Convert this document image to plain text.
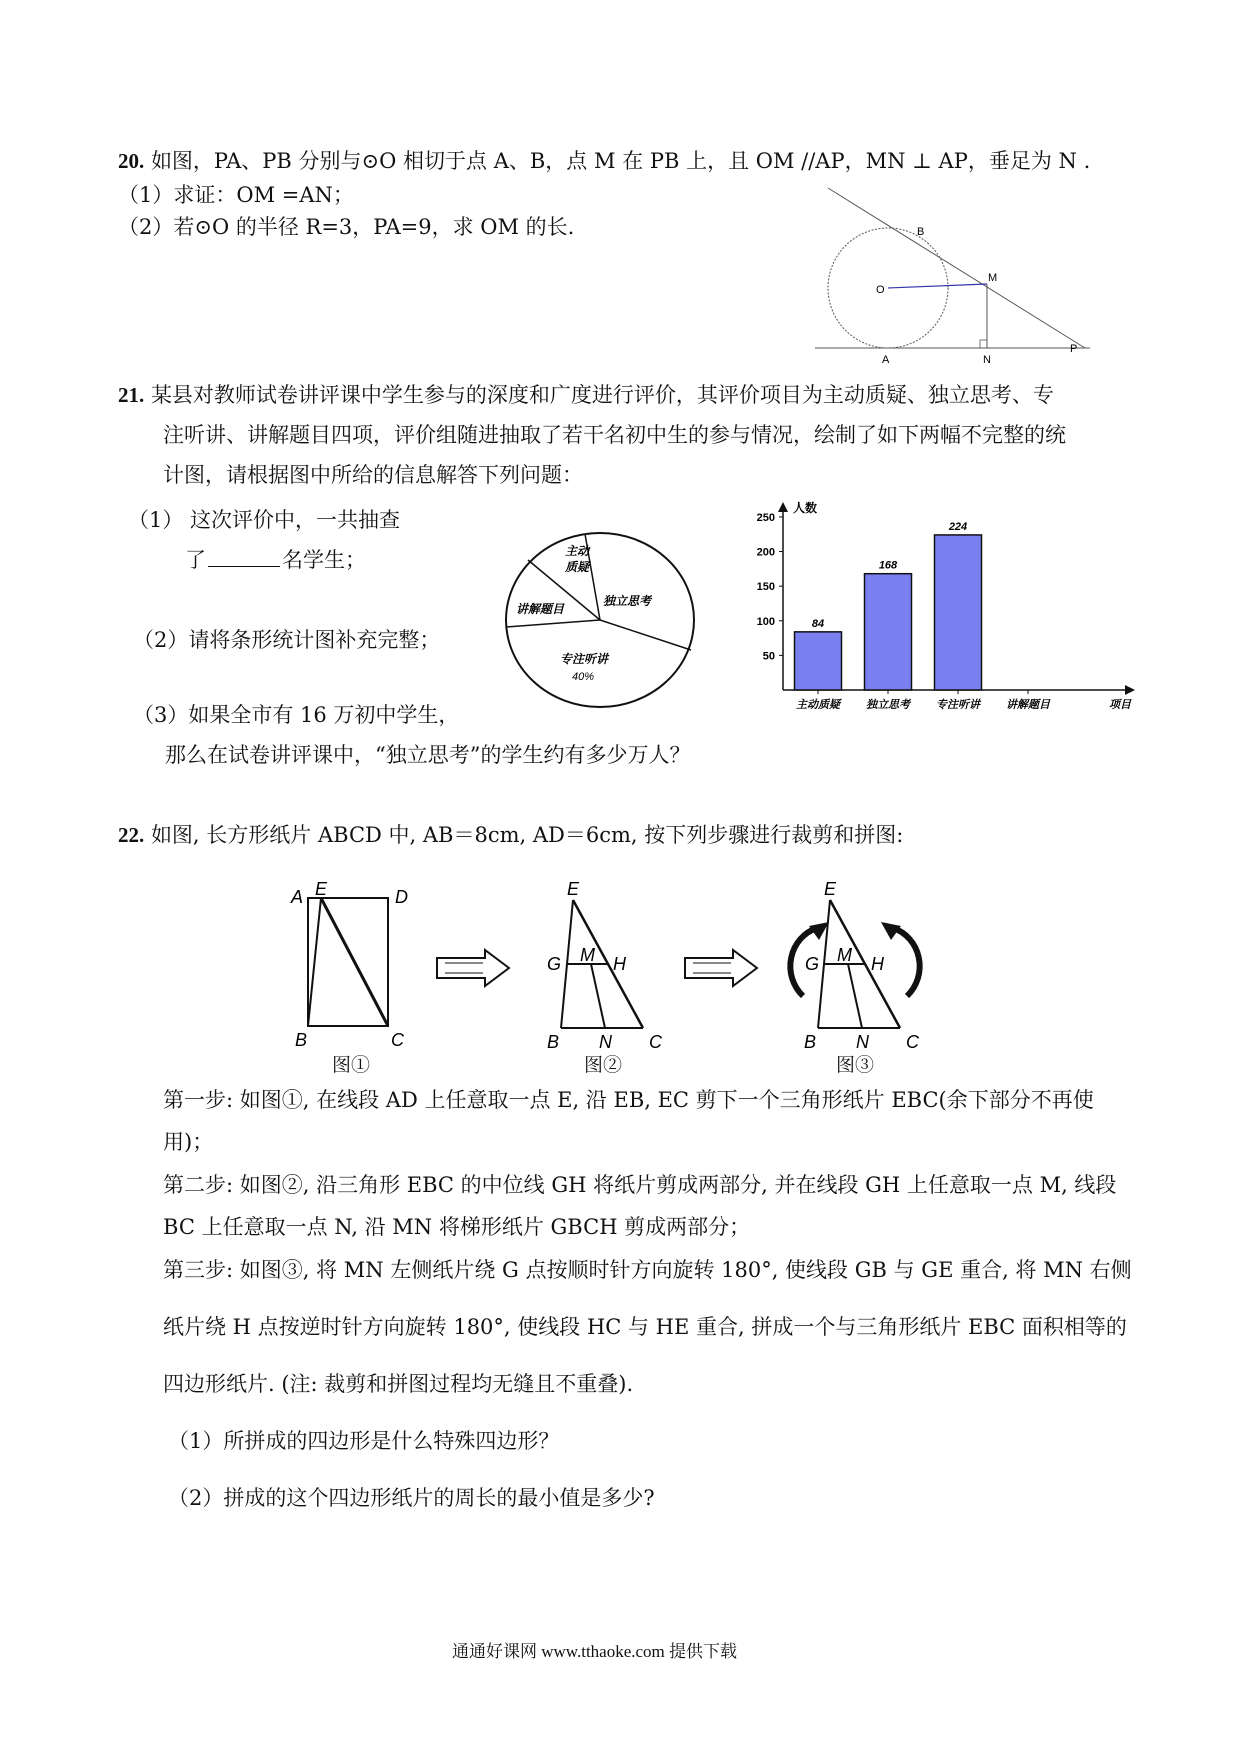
20. 如图，PA、PB 分别与⊙O 相切于点 A、B，点 M 在 PB 上，且 OM //AP，MN ⊥ AP，垂足为 N .
（1）求证：OM =AN；
（2）若⊙O 的半径 R=3，PA=9，求 OM 的长.	B
M
O
A	N
P
21. 某县对教师试卷讲评课中学生参与的深度和广度进行评价，其评价项目为主动质疑、独立思考、专
注听讲、讲解题目四项，评价组随进抽取了若干名初中生的参与情况，绘制了如下两幅不完整的统
计图，请根据图中所给的信息解答下列问题：
（1） 这次评价中，一共抽查
了	名学生；
（2）请将条形统计图补充完整；
（3）如果全市有 16 万初中学生，
那么在试卷讲评课中，“独立思考”的学生约有多少万人？
主动
质疑
独立思考
专注听讲
40%
讲解题目
人数
项目
50
100
150
200
250
84
168
224
主动质疑 独立思考 专注听讲 讲解题目
22. 如图, 长方形纸片 ABCD 中, AB＝8cm, AD＝6cm, 按下列步骤进行裁剪和拼图:
A E	D
B	C
图①
E
G M H
B N C
图②
E
G M H
B N C
图③
第一步: 如图①, 在线段 AD 上任意取一点 E, 沿 EB, EC 剪下一个三角形纸片 EBC(余下部分不再使
用)；
第二步: 如图②, 沿三角形 EBC 的中位线 GH 将纸片剪成两部分, 并在线段 GH 上任意取一点 M, 线段
BC 上任意取一点 N, 沿 MN 将梯形纸片 GBCH 剪成两部分；
第三步: 如图③, 将 MN 左侧纸片绕 G 点按顺时针方向旋转 180°, 使线段 GB 与 GE 重合, 将 MN 右侧
纸片绕 H 点按逆时针方向旋转 180°, 使线段 HC 与 HE 重合, 拼成一个与三角形纸片 EBC 面积相等的
四边形纸片. (注: 裁剪和拼图过程均无缝且不重叠).
（1）所拼成的四边形是什么特殊四边形？
（2）拼成的这个四边形纸片的周长的最小值是多少?
通通好课网 www.tthaoke.com 提供下载
